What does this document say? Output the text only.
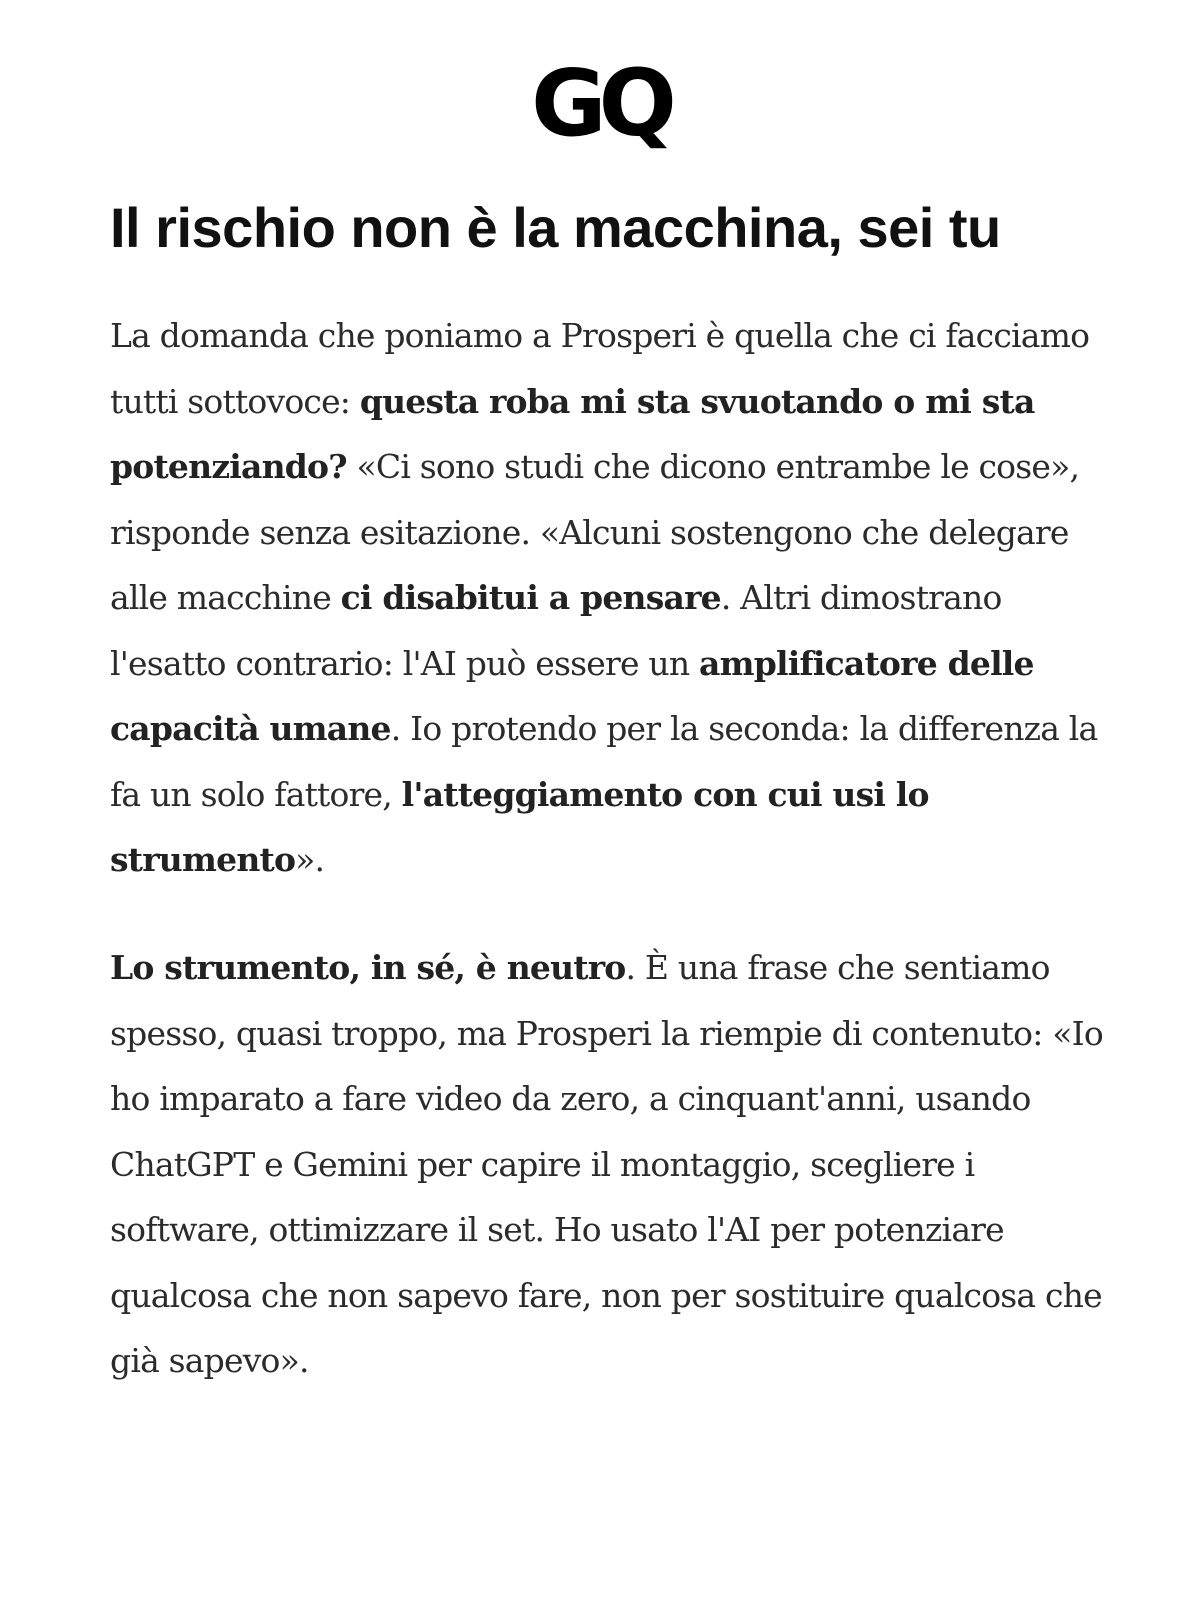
GQ
Il rischio non è la macchina, sei tu

La domanda che poniamo a Prosperi è quella che ci facciamo tutti sottovoce: questa roba mi sta svuotando o mi sta potenziando? «Ci sono studi che dicono entrambe le cose», risponde senza esitazione. «Alcuni sostengono che delegare alle macchine ci disabitui a pensare. Altri dimostrano l'esatto contrario: l'AI può essere un amplificatore delle capacità umane. Io protendo per la seconda: la differenza la fa un solo fattore, l'atteggiamento con cui usi lo strumento».

Lo strumento, in sé, è neutro. È una frase che sentiamo spesso, quasi troppo, ma Prosperi la riempie di contenuto: «Io ho imparato a fare video da zero, a cinquant'anni, usando ChatGPT e Gemini per capire il montaggio, scegliere i software, ottimizzare il set. Ho usato l'AI per potenziare qualcosa che non sapevo fare, non per sostituire qualcosa che già sapevo».
